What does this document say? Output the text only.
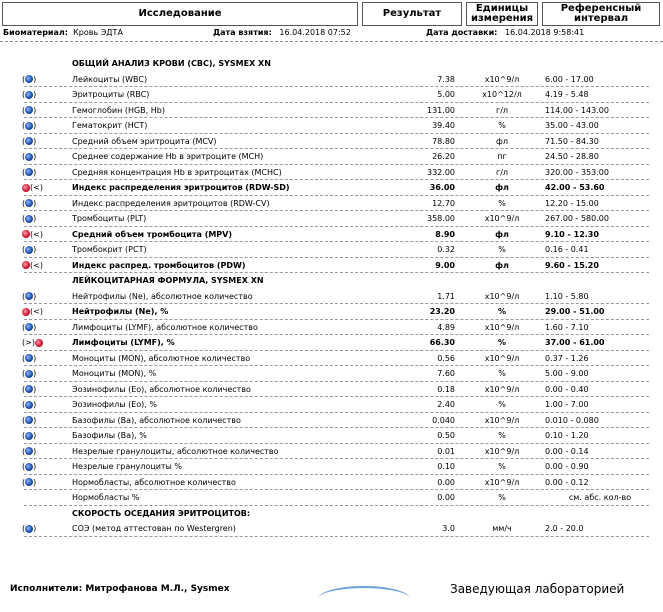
Исследование	Результат	Единицы
измерения
Референсный
интервал
Биоматериал: Кровь ЭДТА	Дата взятия: 16.04.2018 07:52	Дата доставки: 16.04.2018 9:58:41
ОБЩИЙ АНАЛИЗ КРОВИ (CBC), SYSMEX XN
( )	Лейкоциты (WBC)	7.38	x10^9/л	6.00 - 17.00
( )	Эритроциты (RBC)	5.00	x10^12/л	4.19 - 5.48
( )	Гемоглобин (HGB, Hb)	131.00	г/л	114.00 - 143.00
( )	Гематокрит (HCT)	39.40	%	35.00 - 43.00
( )	Средний объем эритроцита (MCV)	78.80	фл	71.50 - 84.30
( )	Среднее содержание Hb в эритроците (MCH)	26.20	пг	24.50 - 28.80
( )	Средняя концентрация Hb в эритроцитах (MCHC)	332.00	г/л	320.00 - 353.00
(<)	Индекс распределения эритроцитов (RDW-SD)	36.00	фл	42.00 - 53.60
( )	Индекс распределения эритроцитов (RDW-CV)	12.70	%	12.20 - 15.00
( )	Тромбоциты (PLT)	358.00	x10^9/л	267.00 - 580.00
(<)	Средний объем тромбоцита (MPV)	8.90	фл	9.10 - 12.30
( )	Тромбокрит (PCT)	0.32	%	0.16 - 0.41
(<)	Индекс распред. тромбоцитов (PDW)	9.00	фл	9.60 - 15.20
ЛЕЙКОЦИТАРНАЯ ФОРМУЛА, SYSMEX XN
( )	Нейтрофилы (Ne), абсолютное количество	1.71	x10^9/л	1.10 - 5.80
(<)	Нейтрофилы (Ne), %	23.20	%	29.00 - 51.00
( )	Лимфоциты (LYMF), абсолютное количество	4.89	x10^9/л	1.60 - 7.10
(>)	Лимфоциты (LYMF), %	66.30	%	37.00 - 61.00
( )	Моноциты (MON), абсолютное количество	0.56	x10^9/л	0.37 - 1.26
( )	Моноциты (MON), %	7.60	%	5.00 - 9.00
( )	Эозинофилы (Eo), абсолютное количество	0.18	x10^9/л	0.00 - 0.40
( )	Эозинофилы (Eo), %	2.40	%	1.00 - 7.00
( )	Базофилы (Ba), абсолютное количество	0.040	x10^9/л	0.010 - 0.080
( )	Базофилы (Ba), %	0.50	%	0.10 - 1.20
( )	Незрелые гранулоциты, абсолютное количество	0.01	x10^9/л	0.00 - 0.14
( )	Незрелые гранулоциты %	0.10	%	0.00 - 0.90
( )	Нормобласты, абсолютное количество	0.00	x10^9/л	0.00 - 0.12
Нормобласты %	0.00	%	см. абс. кол-во
СКОРОСТЬ ОСЕДАНИЯ ЭРИТРОЦИТОВ:
( )	СОЭ (метод аттестован по Westergren)	3.0	мм/ч	2.0 - 20.0
Исполнители: Митрофанова М.Л., Sysmex	Заведующая лабораторией
